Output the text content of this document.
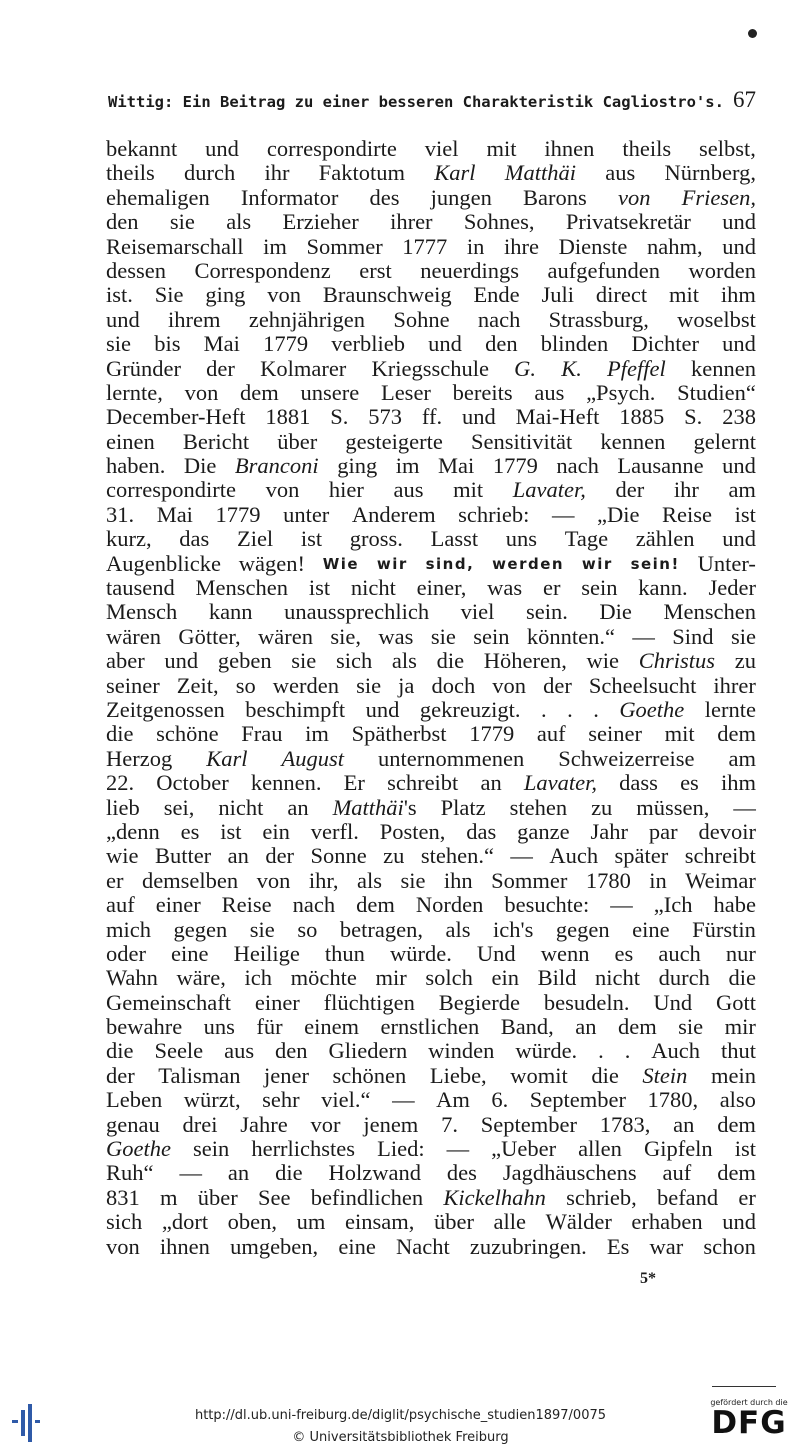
Wittig: Ein Beitrag zu einer besseren Charakteristik Cagliostro's. 67
bekannt und correspondirte viel mit ihnen theils selbst,
theils durch ihr Faktotum Karl Matthäi aus Nürnberg,
ehemaligen Informator des jungen Barons von Friesen,
den sie als Erzieher ihrer Sohnes, Privatsekretär und
Reisemarschall im Sommer 1777 in ihre Dienste nahm, und
dessen Correspondenz erst neuerdings aufgefunden worden
ist. Sie ging von Braunschweig Ende Juli direct mit ihm
und ihrem zehnjährigen Sohne nach Strassburg, woselbst
sie bis Mai 1779 verblieb und den blinden Dichter und
Gründer der Kolmarer Kriegsschule G. K. Pfeffel kennen
lernte, von dem unsere Leser bereits aus „Psych. Studien“
December-Heft 1881 S. 573 ff. und Mai-Heft 1885 S. 238
einen Bericht über gesteigerte Sensitivität kennen gelernt
haben. Die Branconi ging im Mai 1779 nach Lausanne und
correspondirte von hier aus mit Lavater, der ihr am
31. Mai 1779 unter Anderem schrieb: — „Die Reise ist
kurz, das Ziel ist gross. Lasst uns Tage zählen und
Augenblicke wägen! Wie wir sind, werden wir sein! Unter-
tausend Menschen ist nicht einer, was er sein kann. Jeder
Mensch kann unaussprechlich viel sein. Die Menschen
wären Götter, wären sie, was sie sein könnten.“ — Sind sie
aber und geben sie sich als die Höheren, wie Christus zu
seiner Zeit, so werden sie ja doch von der Scheelsucht ihrer
Zeitgenossen beschimpft und gekreuzigt. . . . Goethe lernte
die schöne Frau im Spätherbst 1779 auf seiner mit dem
Herzog Karl August unternommenen Schweizerreise am
22. October kennen. Er schreibt an Lavater, dass es ihm
lieb sei, nicht an Matthäi's Platz stehen zu müssen, —
„denn es ist ein verfl. Posten, das ganze Jahr par devoir
wie Butter an der Sonne zu stehen.“ — Auch später schreibt
er demselben von ihr, als sie ihn Sommer 1780 in Weimar
auf einer Reise nach dem Norden besuchte: — „Ich habe
mich gegen sie so betragen, als ich's gegen eine Fürstin
oder eine Heilige thun würde. Und wenn es auch nur
Wahn wäre, ich möchte mir solch ein Bild nicht durch die
Gemeinschaft einer flüchtigen Begierde besudeln. Und Gott
bewahre uns für einem ernstlichen Band, an dem sie mir
die Seele aus den Gliedern winden würde. . . Auch thut
der Talisman jener schönen Liebe, womit die Stein mein
Leben würzt, sehr viel.“ — Am 6. September 1780, also
genau drei Jahre vor jenem 7. September 1783, an dem
Goethe sein herrlichstes Lied: — „Ueber allen Gipfeln ist
Ruh“ — an die Holzwand des Jagdhäuschens auf dem
831 m über See befindlichen Kickelhahn schrieb, befand er
sich „dort oben, um einsam, über alle Wälder erhaben und
von ihnen umgeben, eine Nacht zuzubringen. Es war schon
5*
http://dl.ub.uni-freiburg.de/diglit/psychische_studien1897/0075
© Universitätsbibliothek Freiburg
gefördert durch die
DFG
